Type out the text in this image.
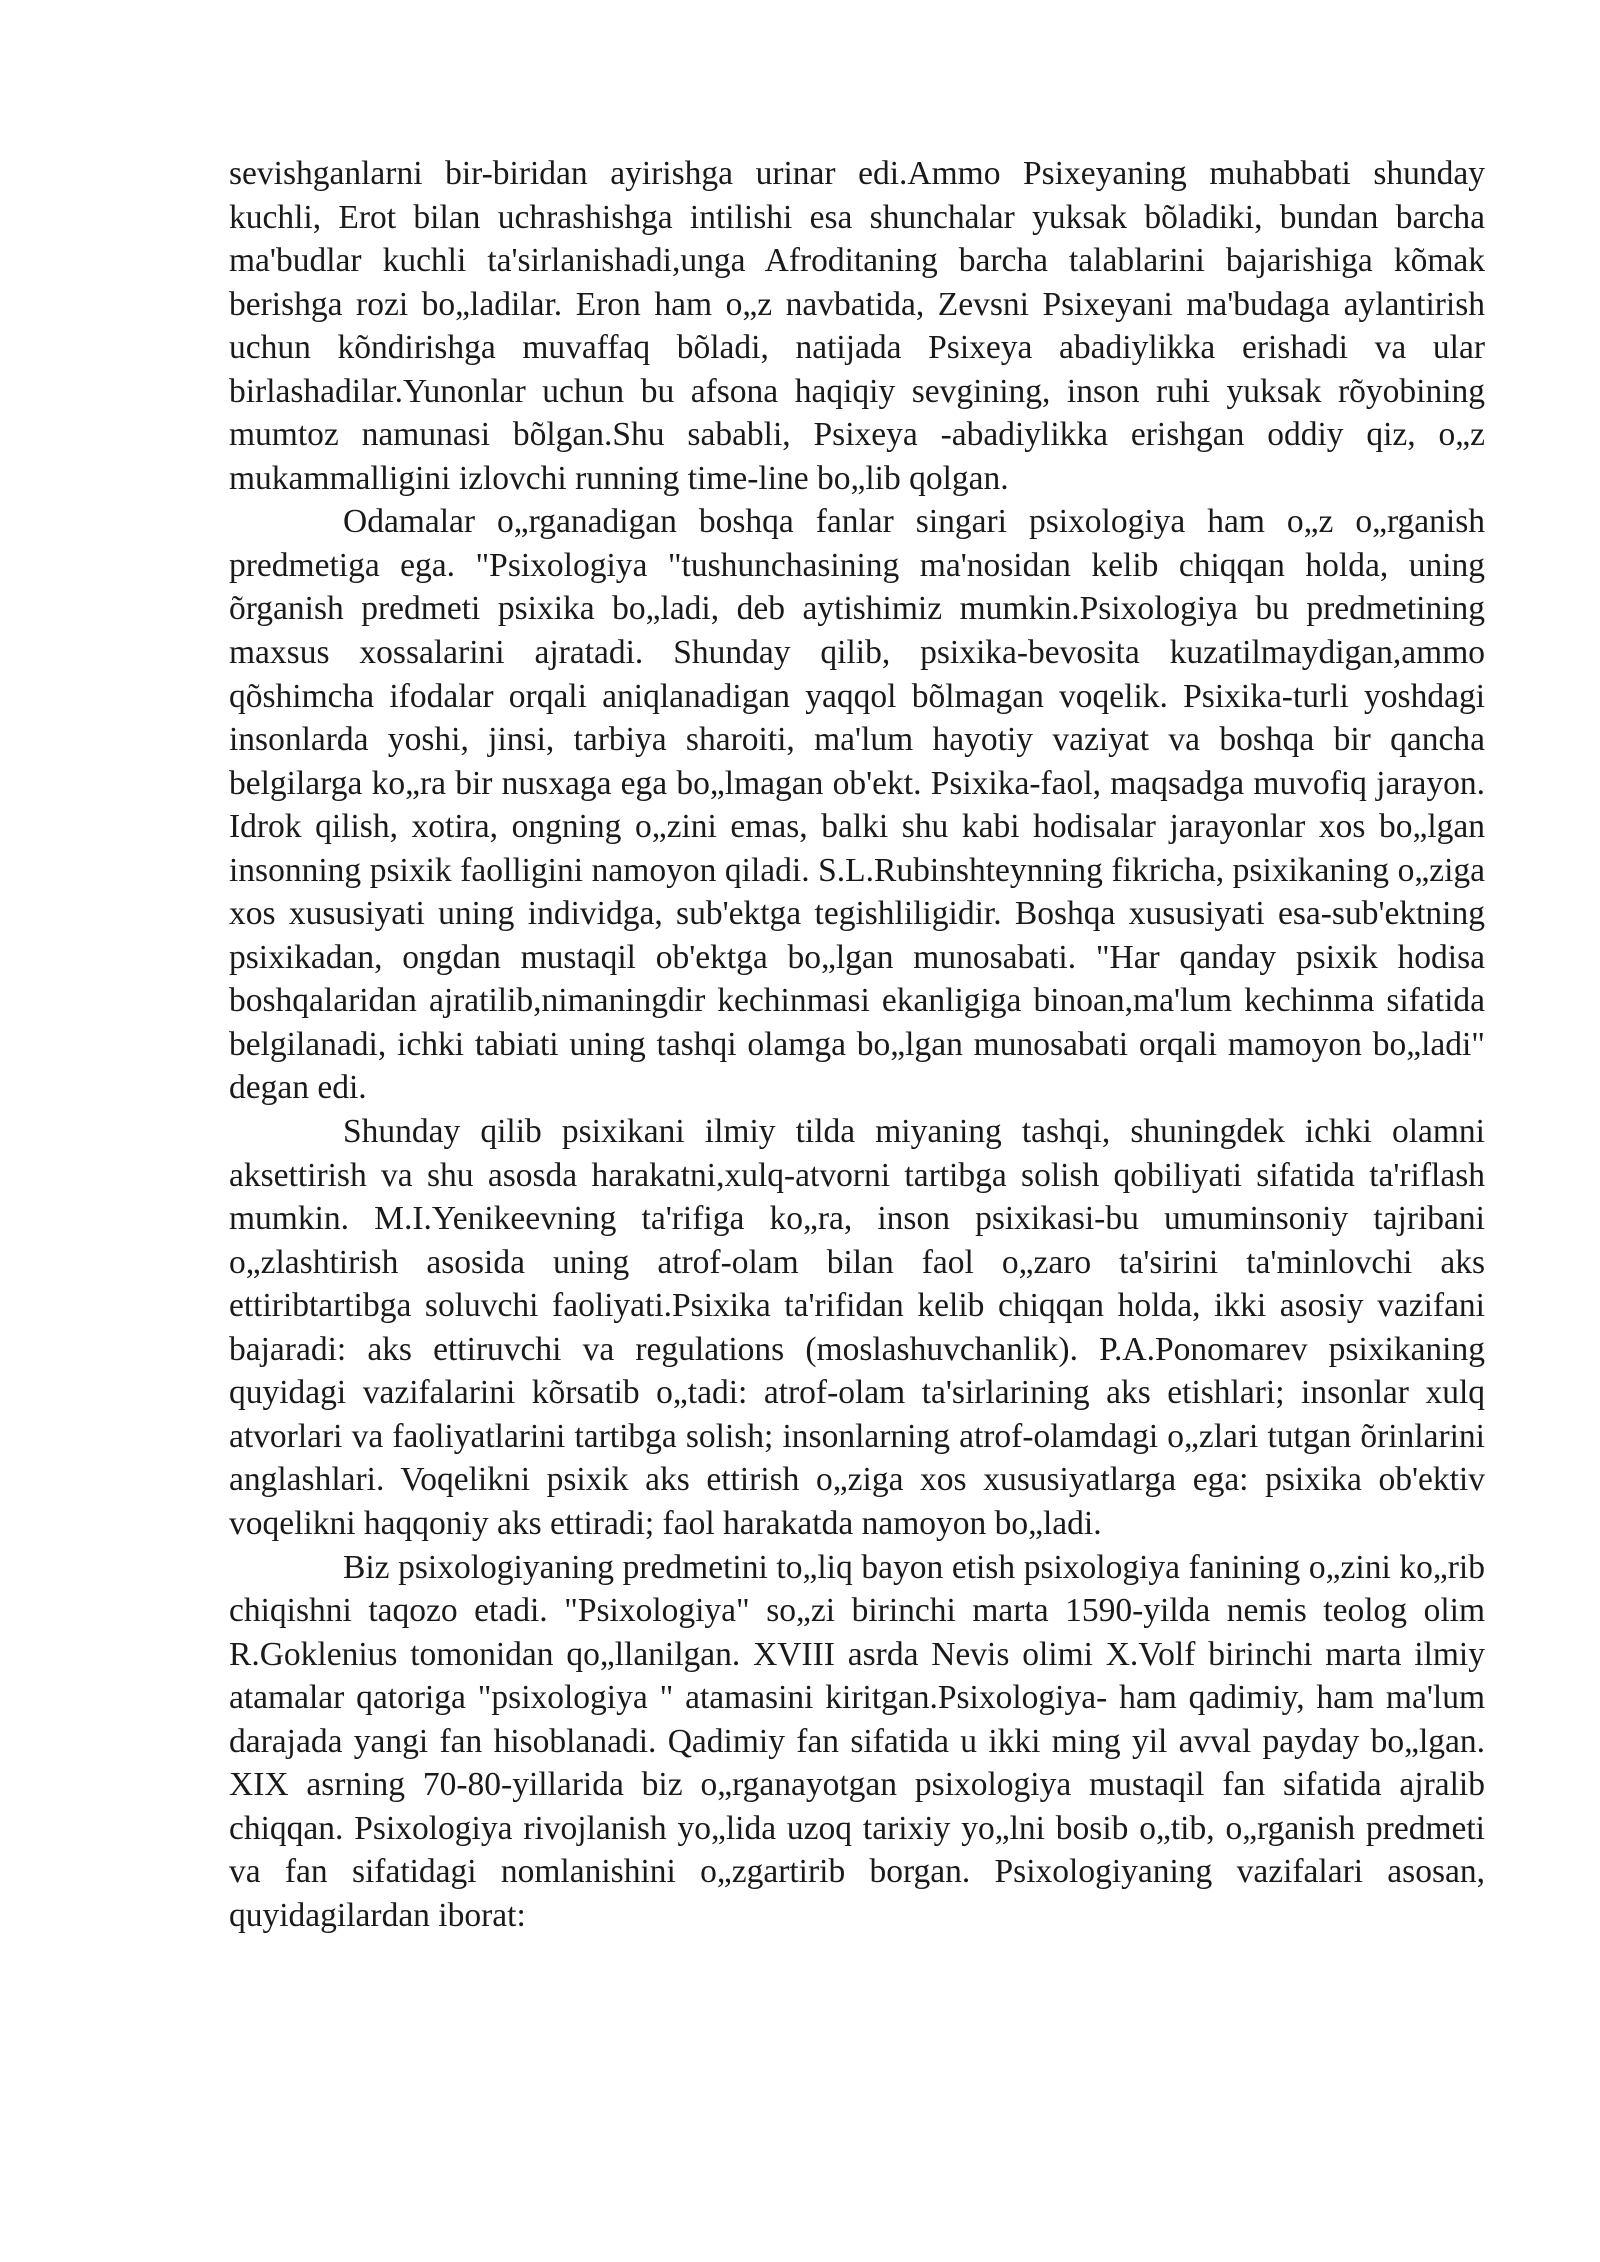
sevishganlarni bir-biridan ayirishga urinar edi.Ammo Psixeyaning muhabbati shunday kuchli, Erot bilan uchrashishga intilishi esa shunchalar yuksak bõladiki, bundan barcha ma'budlar kuchli ta'sirlanishadi,unga Afroditaning barcha talablarini bajarishiga kõmak berishga rozi bo„ladilar. Eron ham o„z navbatida, Zevsni Psixeyani ma'budaga aylantirish uchun kõndirishga muvaffaq bõladi, natijada Psixeya abadiylikka erishadi va ular birlashadilar.Yunonlar uchun bu afsona haqiqiy sevgining, inson ruhi yuksak rõyobining mumtoz namunasi bõlgan.Shu sababli, Psixeya -abadiylikka erishgan oddiy qiz, o„z mukammalligini izlovchi running time-line bo„lib qolgan.

Odamalar o„rganadigan boshqa fanlar singari psixologiya ham o„z o„rganish predmetiga ega. "Psixologiya "tushunchasining ma'nosidan kelib chiqqan holda, uning õrganish predmeti psixika bo„ladi, deb aytishimiz mumkin.Psixologiya bu predmetining maxsus xossalarini ajratadi. Shunday qilib, psixika-bevosita kuzatilmaydigan,ammo qõshimcha ifodalar orqali aniqlanadigan yaqqol bõlmagan voqelik. Psixika-turli yoshdagi insonlarda yoshi, jinsi, tarbiya sharoiti, ma'lum hayotiy vaziyat va boshqa bir qancha belgilarga ko„ra bir nusxaga ega bo„lmagan ob'ekt. Psixika-faol, maqsadga muvofiq jarayon. Idrok qilish, xotira, ongning o„zini emas, balki shu kabi hodisalar jarayonlar xos bo„lgan insonning psixik faolligini namoyon qiladi. S.L.Rubinshteynning fikricha, psixikaning o„ziga xos xususiyati uning individga, sub'ektga tegishliligidir. Boshqa xususiyati esa-sub'ektning psixikadan, ongdan mustaqil ob'ektga bo„lgan munosabati. "Har qanday psixik hodisa boshqalaridan ajratilib,nimaningdir kechinmasi ekanligiga binoan,ma'lum kechinma sifatida belgilanadi, ichki tabiati uning tashqi olamga bo„lgan munosabati orqali mamoyon bo„ladi" degan edi.

Shunday qilib psixikani ilmiy tilda miyaning tashqi, shuningdek ichki olamni aksettirish va shu asosda harakatni,xulq-atvorni tartibga solish qobiliyati sifatida ta'riflash mumkin. M.I.Yenikeevning ta'rifiga ko„ra, inson psixikasi-bu umuminsoniy tajribani o„zlashtirish asosida uning atrof-olam bilan faol o„zaro ta'sirini ta'minlovchi aks ettiribtartibga soluvchi faoliyati.Psixika ta'rifidan kelib chiqqan holda, ikki asosiy vazifani bajaradi: aks ettiruvchi va regulations (moslashuvchanlik). P.A.Ponomarev psixikaning quyidagi vazifalarini kõrsatib o„tadi: atrof-olam ta'sirlarining aks etishlari; insonlar xulq atvorlari va faoliyatlarini tartibga solish; insonlarning atrof-olamdagi o„zlari tutgan õrinlarini anglashlari. Voqelikni psixik aks ettirish o„ziga xos xususiyatlarga ega: psixika ob'ektiv voqelikni haqqoniy aks ettiradi; faol harakatda namoyon bo„ladi.

Biz psixologiyaning predmetini to„liq bayon etish psixologiya fanining o„zini ko„rib chiqishni taqozo etadi. "Psixologiya" so„zi birinchi marta 1590-yilda nemis teolog olim R.Goklenius tomonidan qo„llanilgan. XVIII asrda Nevis olimi X.Volf birinchi marta ilmiy atamalar qatoriga "psixologiya " atamasini kiritgan.Psixologiya- ham qadimiy, ham ma'lum darajada yangi fan hisoblanadi. Qadimiy fan sifatida u ikki ming yil avval payday bo„lgan. XIX asrning 70-80-yillarida biz o„rganayotgan psixologiya mustaqil fan sifatida ajralib chiqqan. Psixologiya rivojlanish yo„lida uzoq tarixiy yo„lni bosib o„tib, o„rganish predmeti va fan sifatidagi nomlanishini o„zgartirib borgan. Psixologiyaning vazifalari asosan, quyidagilardan iborat:
